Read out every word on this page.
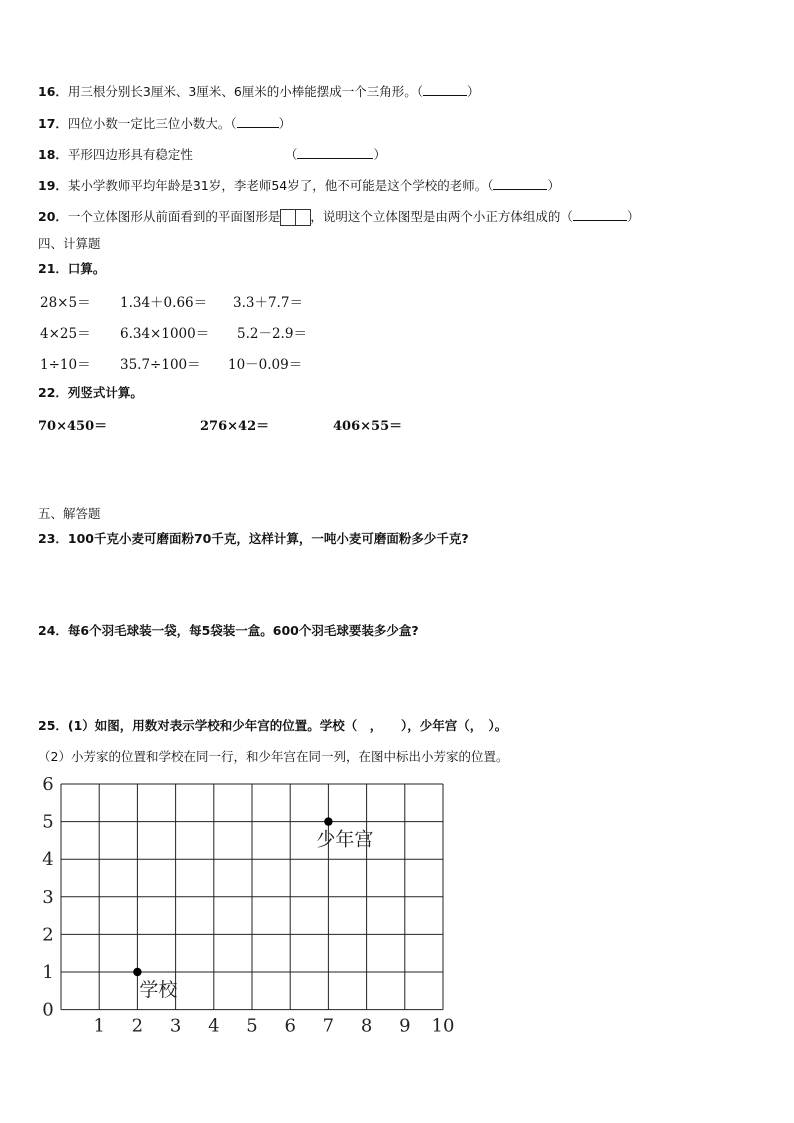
16．用三根分别长3厘米、3厘米、6厘米的小棒能摆成一个三角形。（	）
17．四位小数一定比三位小数大。（	）
18．平形四边形具有稳定性	（	）
19．某小学教师平均年龄是31岁，李老师54岁了，他不可能是这个学校的老师。（	）
20．一个立体图形从前面看到的平面图形是 ，说明这个立体图型是由两个小正方体组成的（	）
四、计算题
21．口算。
28×5＝ 1.34＋0.66＝ 3.3＋7.7＝
4×25＝ 6.34×1000＝ 5.2－2.9＝
1÷10＝ 35.7÷100＝ 10－0.09＝
22．列竖式计算。
70×450＝	276×42＝	406×55＝
五、解答题
23．100千克小麦可磨面粉70千克，这样计算，一吨小麦可磨面粉多少千克?
24．每6个羽毛球装一袋，每5袋装一盒。600个羽毛球要装多少盒?
25．(1）如图，用数对表示学校和少年宫的位置。学校（　，　　），少年宫（，　）。
（2）小芳家的位置和学校在同一行，和少年宫在同一列，在图中标出小芳家的位置。
1 2 3 4 5 6 7 8 9 10
0
1
2
3
4
5
6
少年宫
学校
